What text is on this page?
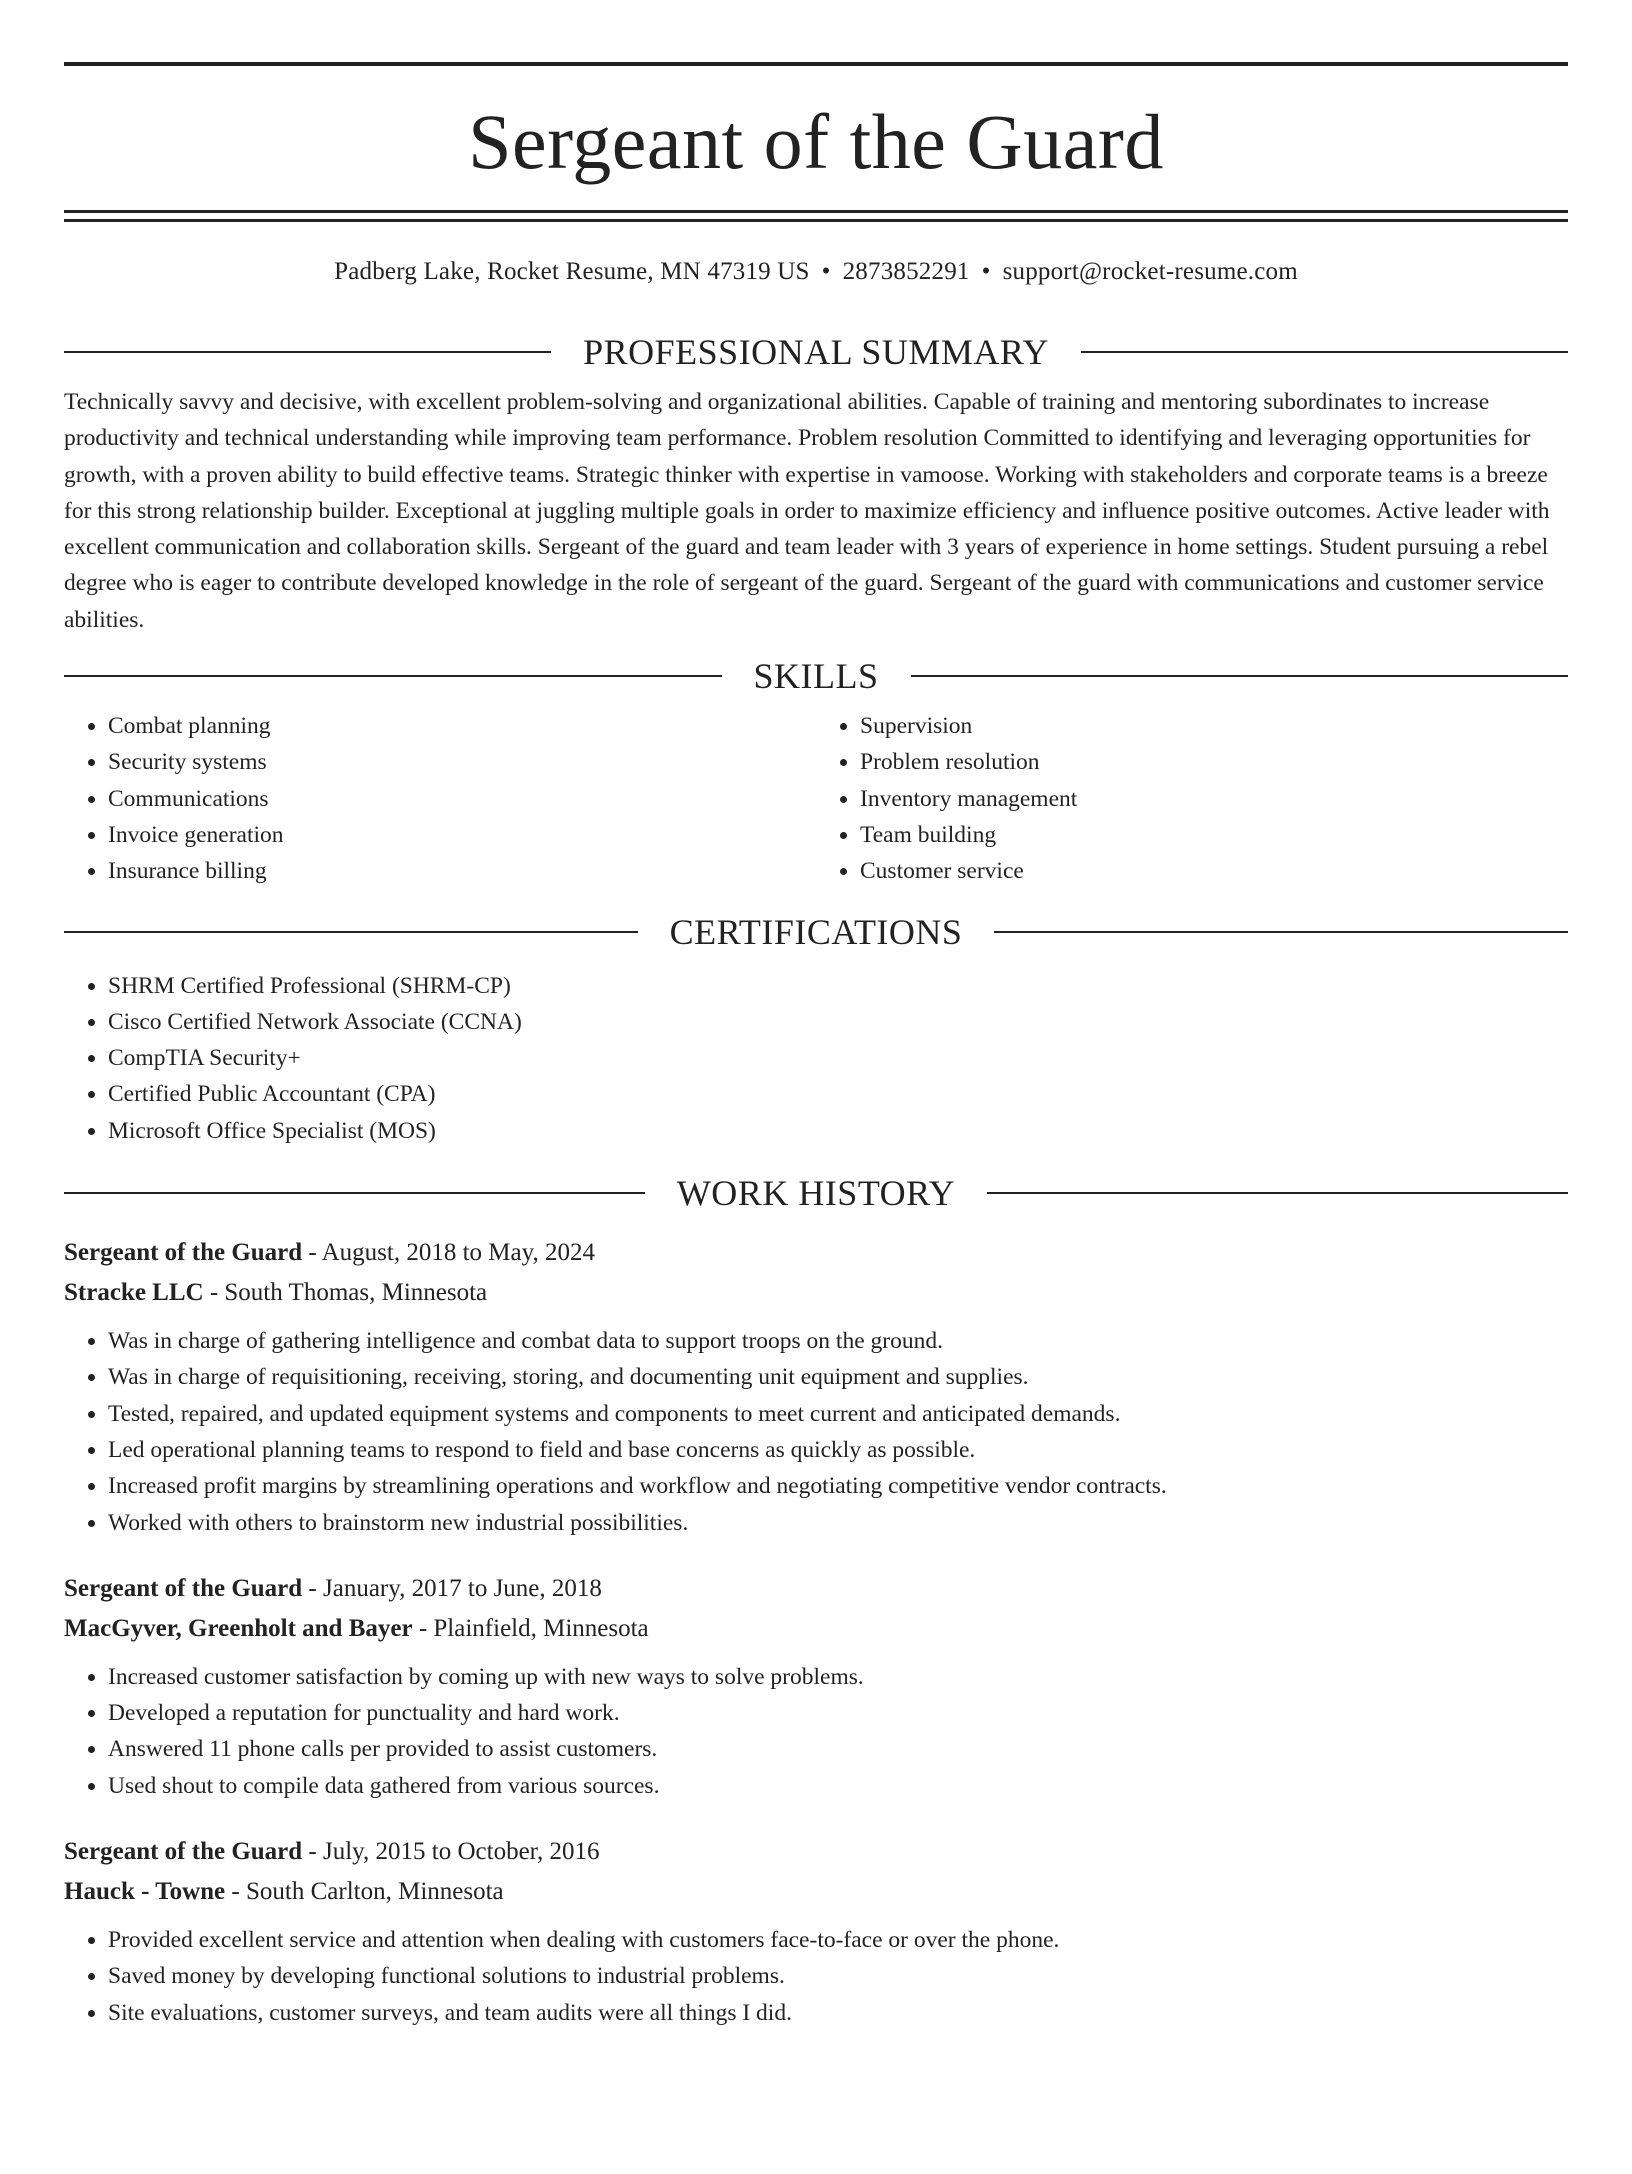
Sergeant of the Guard
Padberg Lake, Rocket Resume, MN 47319 US • 2873852291 • support@rocket-resume.com
PROFESSIONAL SUMMARY

Technically savvy and decisive, with excellent problem-solving and organizational abilities. Capable of training and mentoring subordinates to increase productivity and technical understanding while improving team performance. Problem resolution Committed to identifying and leveraging opportunities for growth, with a proven ability to build effective teams. Strategic thinker with expertise in vamoose. Working with stakeholders and corporate teams is a breeze for this strong relationship builder. Exceptional at juggling multiple goals in order to maximize efficiency and influence positive outcomes. Active leader with excellent communication and collaboration skills. Sergeant of the guard and team leader with 3 years of experience in home settings. Student pursuing a rebel degree who is eager to contribute developed knowledge in the role of sergeant of the guard. Sergeant of the guard with communications and customer service abilities.

SKILLS
• Combat planning
• Security systems
• Communications
• Invoice generation
• Insurance billing
• Supervision
• Problem resolution
• Inventory management
• Team building
• Customer service
CERTIFICATIONS
• SHRM Certified Professional (SHRM-CP)
• Cisco Certified Network Associate (CCNA)
• CompTIA Security+
• Certified Public Accountant (CPA)
• Microsoft Office Specialist (MOS)
WORK HISTORY
Sergeant of the Guard - August, 2018 to May, 2024
Stracke LLC - South Thomas, Minnesota
• Was in charge of gathering intelligence and combat data to support troops on the ground.
• Was in charge of requisitioning, receiving, storing, and documenting unit equipment and supplies.
• Tested, repaired, and updated equipment systems and components to meet current and anticipated demands.
• Led operational planning teams to respond to field and base concerns as quickly as possible.
• Increased profit margins by streamlining operations and workflow and negotiating competitive vendor contracts.
• Worked with others to brainstorm new industrial possibilities.
Sergeant of the Guard - January, 2017 to June, 2018
MacGyver, Greenholt and Bayer - Plainfield, Minnesota
• Increased customer satisfaction by coming up with new ways to solve problems.
• Developed a reputation for punctuality and hard work.
• Answered 11 phone calls per provided to assist customers.
• Used shout to compile data gathered from various sources.
Sergeant of the Guard - July, 2015 to October, 2016
Hauck - Towne - South Carlton, Minnesota
• Provided excellent service and attention when dealing with customers face-to-face or over the phone.
• Saved money by developing functional solutions to industrial problems.
• Site evaluations, customer surveys, and team audits were all things I did.
